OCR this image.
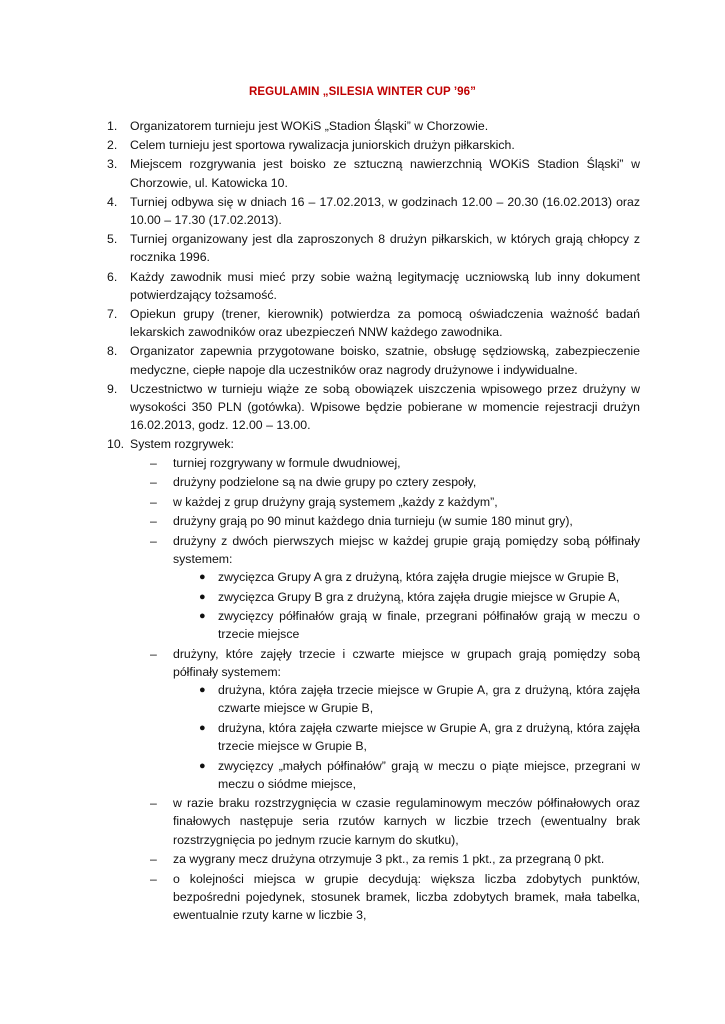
REGULAMIN „SILESIA WINTER CUP ’96”
1. Organizatorem turnieju jest WOKiS „Stadion Śląski” w Chorzowie.
2. Celem turnieju jest sportowa rywalizacja juniorskich drużyn piłkarskich.
3. Miejscem rozgrywania jest boisko ze sztuczną nawierzchnią WOKiS Stadion Śląski” w Chorzowie, ul. Katowicka 10.
4. Turniej odbywa się w dniach 16 – 17.02.2013, w godzinach 12.00 – 20.30 (16.02.2013) oraz 10.00 – 17.30 (17.02.2013).
5. Turniej organizowany jest dla zaproszonych 8 drużyn piłkarskich, w których grają chłopcy z rocznika 1996.
6. Każdy zawodnik musi mieć przy sobie ważną legitymację uczniowską lub inny dokument potwierdzający tożsamość.
7. Opiekun grupy (trener, kierownik) potwierdza za pomocą oświadczenia ważność badań lekarskich zawodników oraz ubezpieczeń NNW każdego zawodnika.
8. Organizator zapewnia przygotowane boisko, szatnie, obsługę sędziowską, zabezpieczenie medyczne, ciepłe napoje dla uczestników oraz nagrody drużynowe i indywidualne.
9. Uczestnictwo w turnieju wiąże ze sobą obowiązek uiszczenia wpisowego przez drużyny w wysokości 350 PLN (gotówka). Wpisowe będzie pobierane w momencie rejestracji drużyn 16.02.2013, godz. 12.00 – 13.00.
10. System rozgrywek:
– turniej rozgrywany w formule dwudniowej,
– drużyny podzielone są na dwie grupy po cztery zespoły,
– w każdej z grup drużyny grają systemem „każdy z każdym”,
– drużyny grają po 90 minut każdego dnia turnieju (w sumie 180 minut gry),
– drużyny z dwóch pierwszych miejsc w każdej grupie grają pomiędzy sobą półfinały systemem:
● zwycięzca Grupy A gra z drużyną, która zajęła drugie miejsce w Grupie B,
● zwycięzca Grupy B gra z drużyną, która zajęła drugie miejsce w Grupie A,
● zwycięzcy półfinałów grają w finale, przegrani półfinałów grają w meczu o trzecie miejsce
– drużyny, które zajęły trzecie i czwarte miejsce w grupach grają pomiędzy sobą półfinały systemem:
● drużyna, która zajęła trzecie miejsce w Grupie A, gra z drużyną, która zajęła czwarte miejsce w Grupie B,
● drużyna, która zajęła czwarte miejsce w Grupie A, gra z drużyną, która zajęła trzecie miejsce w Grupie B,
● zwycięzcy „małych półfinałów” grają w meczu o piąte miejsce, przegrani w meczu o siódme miejsce,
– w razie braku rozstrzygnięcia w czasie regulaminowym meczów półfinałowych oraz finałowych następuje seria rzutów karnych w liczbie trzech (ewentualny brak rozstrzygnięcia po jednym rzucie karnym do skutku),
– za wygrany mecz drużyna otrzymuje 3 pkt., za remis 1 pkt., za przegraną 0 pkt.
– o kolejności miejsca w grupie decydują: większa liczba zdobytych punktów, bezpośredni pojedynek, stosunek bramek, liczba zdobytych bramek, mała tabelka, ewentualnie rzuty karne w liczbie 3,
